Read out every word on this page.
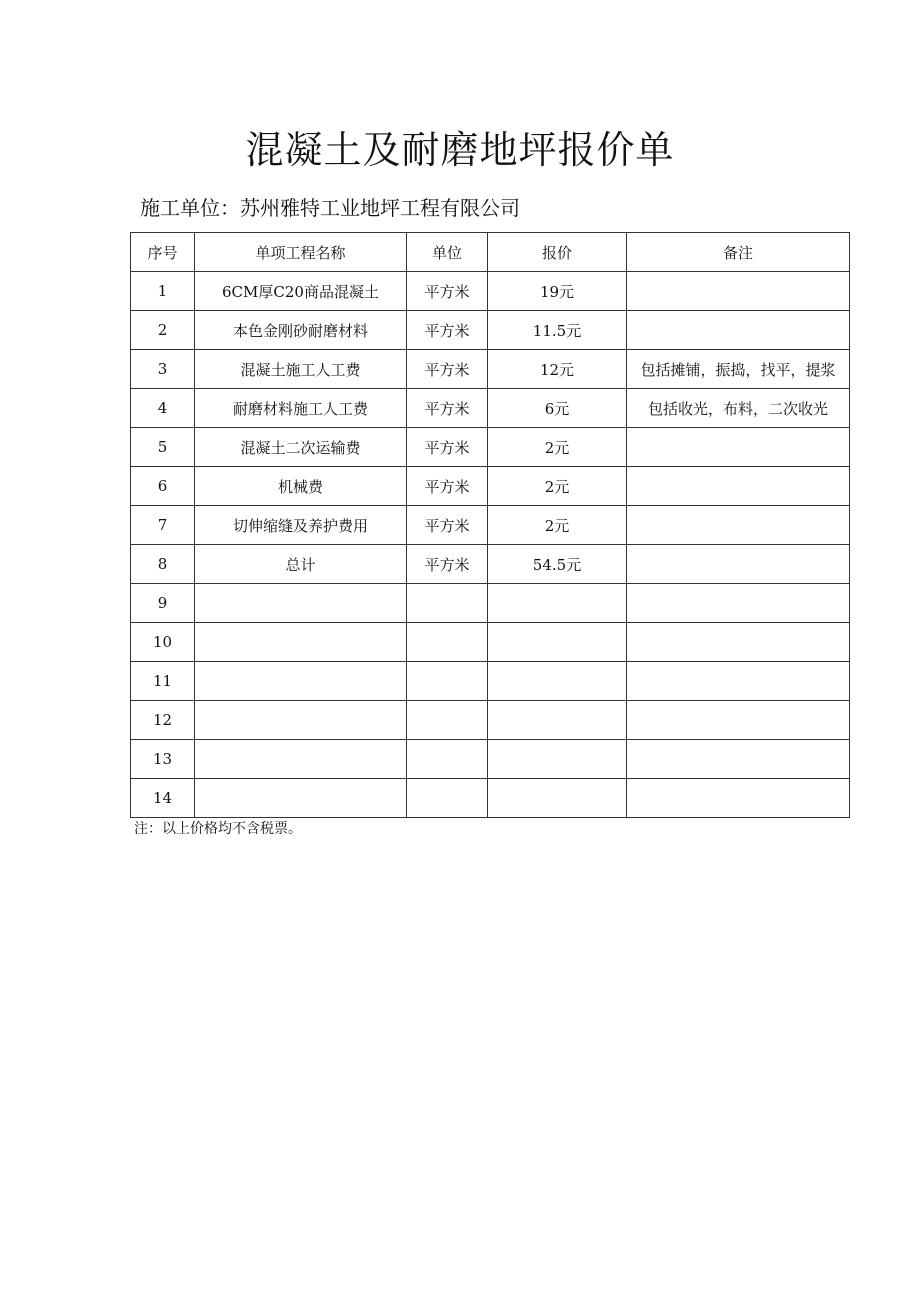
混凝土及耐磨地坪报价单
施工单位：苏州雅特工业地坪工程有限公司
序号	单项工程名称	单位	报价	备注
1	6CM厚C20商品混凝土	平方米	19元	
2	本色金刚砂耐磨材料	平方米	11.5元	
3	混凝土施工人工费	平方米	12元	包括摊铺，振捣，找平，提浆
4	耐磨材料施工人工费	平方米	6元	包括收光，布料，二次收光
5	混凝土二次运输费	平方米	2元	
6	机械费	平方米	2元	
7	切伸缩缝及养护费用	平方米	2元	
8	总计	平方米	54.5元	
9				
10				
11				
12				
13				
14				
注：以上价格均不含税票。
